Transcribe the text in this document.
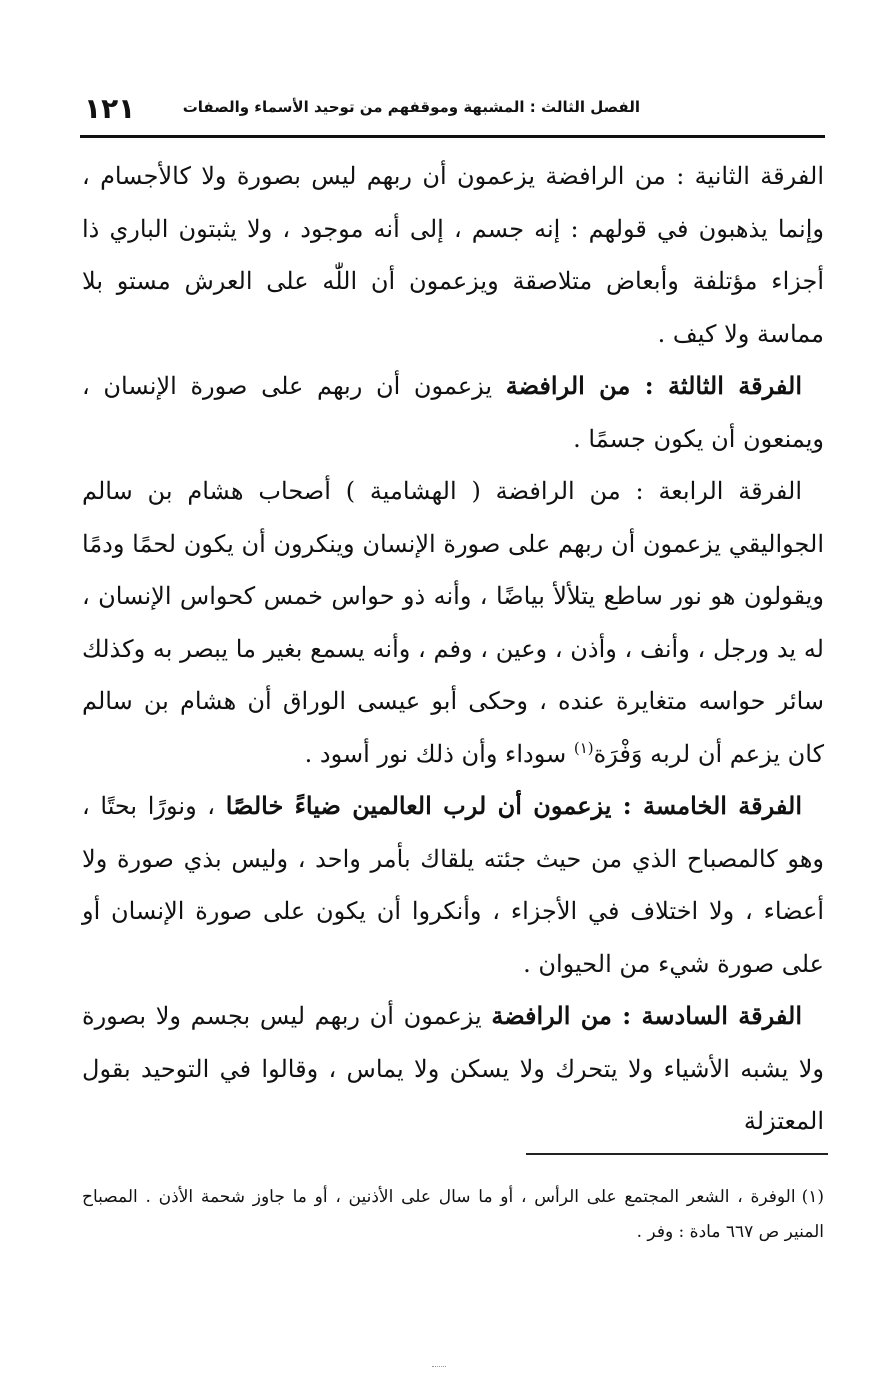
الفصل الثالث : المشبهة وموقفهم من توحيد الأسماء والصفات
١٢١

الفرقة الثانية : من الرافضة يزعمون أن ربهم ليس بصورة ولا كالأجسام ، وإنما يذهبون في قولهم : إنه جسم ، إلى أنه موجود ، ولا يثبتون الباري ذا أجزاء مؤتلفة وأبعاض متلاصقة ويزعمون أن اللّٰه على العرش مستو بلا مماسة ولا كيف .

الفرقة الثالثة : من الرافضة يزعمون أن ربهم على صورة الإنسان ، ويمنعون أن يكون جسمًا .

الفرقة الرابعة : من الرافضة ( الهشامية ) أصحاب هشام بن سالم الجواليقي يزعمون أن ربهم على صورة الإنسان وينكرون أن يكون لحمًا ودمًا ويقولون هو نور ساطع يتلألأ بياضًا ، وأنه ذو حواس خمس كحواس الإنسان ، له يد ورجل ، وأنف ، وأذن ، وعين ، وفم ، وأنه يسمع بغير ما يبصر به وكذلك سائر حواسه متغايرة عنده ، وحكى أبو عيسى الوراق أن هشام بن سالم كان يزعم أن لربه وَفْرَة$^{(١)}$ سوداء وأن ذلك نور أسود .

الفرقة الخامسة : يزعمون أن لرب العالمين ضياءً خالصًا ، ونورًا بحتًا ، وهو كالمصباح الذي من حيث جئته يلقاك بأمر واحد ، وليس بذي صورة ولا أعضاء ، ولا اختلاف في الأجزاء ، وأنكروا أن يكون على صورة الإنسان أو على صورة شيء من الحيوان .

الفرقة السادسة : من الرافضة يزعمون أن ربهم ليس بجسم ولا بصورة ولا يشبه الأشياء ولا يتحرك ولا يسكن ولا يماس ، وقالوا في التوحيد بقول المعتزلة

(١)الوفرة ، الشعر المجتمع على الرأس ، أو ما سال على الأذنين ، أو ما جاوز شحمة الأذن . المصباح المنير ص ٦٦٧ مادة : وفر .
